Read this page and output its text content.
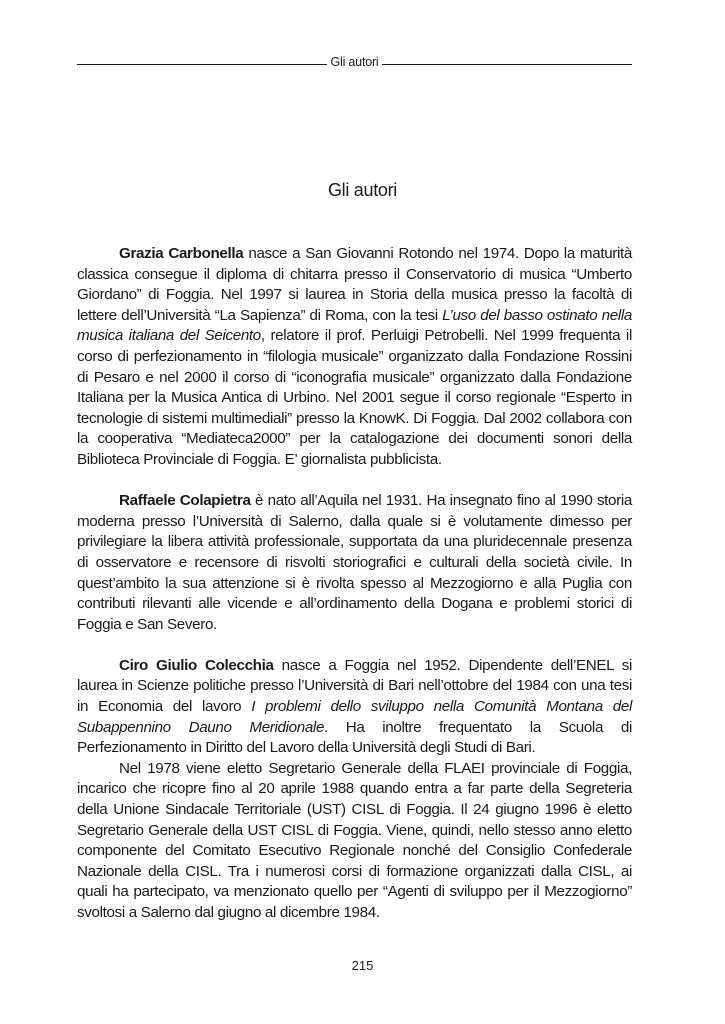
Gli autori
Gli autori

Grazia Carbonella nasce a San Giovanni Rotondo nel 1974. Dopo la maturità classica consegue il diploma di chitarra presso il Conservatorio di musica “Umberto Giordano” di Foggia. Nel 1997 si laurea in Storia della musica presso la facoltà di lettere dell’Università “La Sapienza” di Roma, con la tesi L’uso del basso ostinato nella musica italiana del Seicento, relatore il prof. Perluigi Petrobelli. Nel 1999 frequenta il corso di perfezionamento in “filologia musicale” organizzato dalla Fondazione Rossini di Pesaro e nel 2000 il corso di “iconografia musicale” organizzato dalla Fondazione Italiana per la Musica Antica di Urbino. Nel 2001 segue il corso regionale “Esperto in tecnologie di sistemi multimediali” presso la KnowK. Di Foggia. Dal 2002 collabora con la cooperativa “Mediateca2000” per la catalogazione dei documenti sonori della Biblioteca Provinciale di Foggia. E’ giornalista pubblicista.

Raffaele Colapietra è nato all’Aquila nel 1931. Ha insegnato fino al 1990 storia moderna presso l’Università di Salerno, dalla quale si è volutamente dimesso per privilegiare la libera attività professionale, supportata da una pluridecennale presenza di osservatore e recensore di risvolti storiografici e culturali della società civile. In quest’ambito la sua attenzione si è rivolta spesso al Mezzogiorno e alla Puglia con contributi rilevanti alle vicende e all’ordinamento della Dogana e problemi storici di Foggia e San Severo.

Ciro Giulio Colecchia nasce a Foggia nel 1952. Dipendente dell’ENEL si laurea in Scienze politiche presso l’Università di Bari nell’ottobre del 1984 con una tesi in Economia del lavoro I problemi dello sviluppo nella Comunità Montana del Subappennino Dauno Meridionale. Ha inoltre frequentato la Scuola di Perfezionamento in Diritto del Lavoro della Università degli Studi di Bari.

Nel 1978 viene eletto Segretario Generale della FLAEI provinciale di Foggia, incarico che ricopre fino al 20 aprile 1988 quando entra a far parte della Segreteria della Unione Sindacale Territoriale (UST) CISL di Foggia. Il 24 giugno 1996 è eletto Segretario Generale della UST CISL di Foggia. Viene, quindi, nello stesso anno eletto componente del Comitato Esecutivo Regionale nonché del Consiglio Confederale Nazionale della CISL. Tra i numerosi corsi di formazione organizzati dalla CISL, ai quali ha partecipato, va menzionato quello per “Agenti di sviluppo per il Mezzogiorno” svoltosi a Salerno dal giugno al dicembre 1984.

215
